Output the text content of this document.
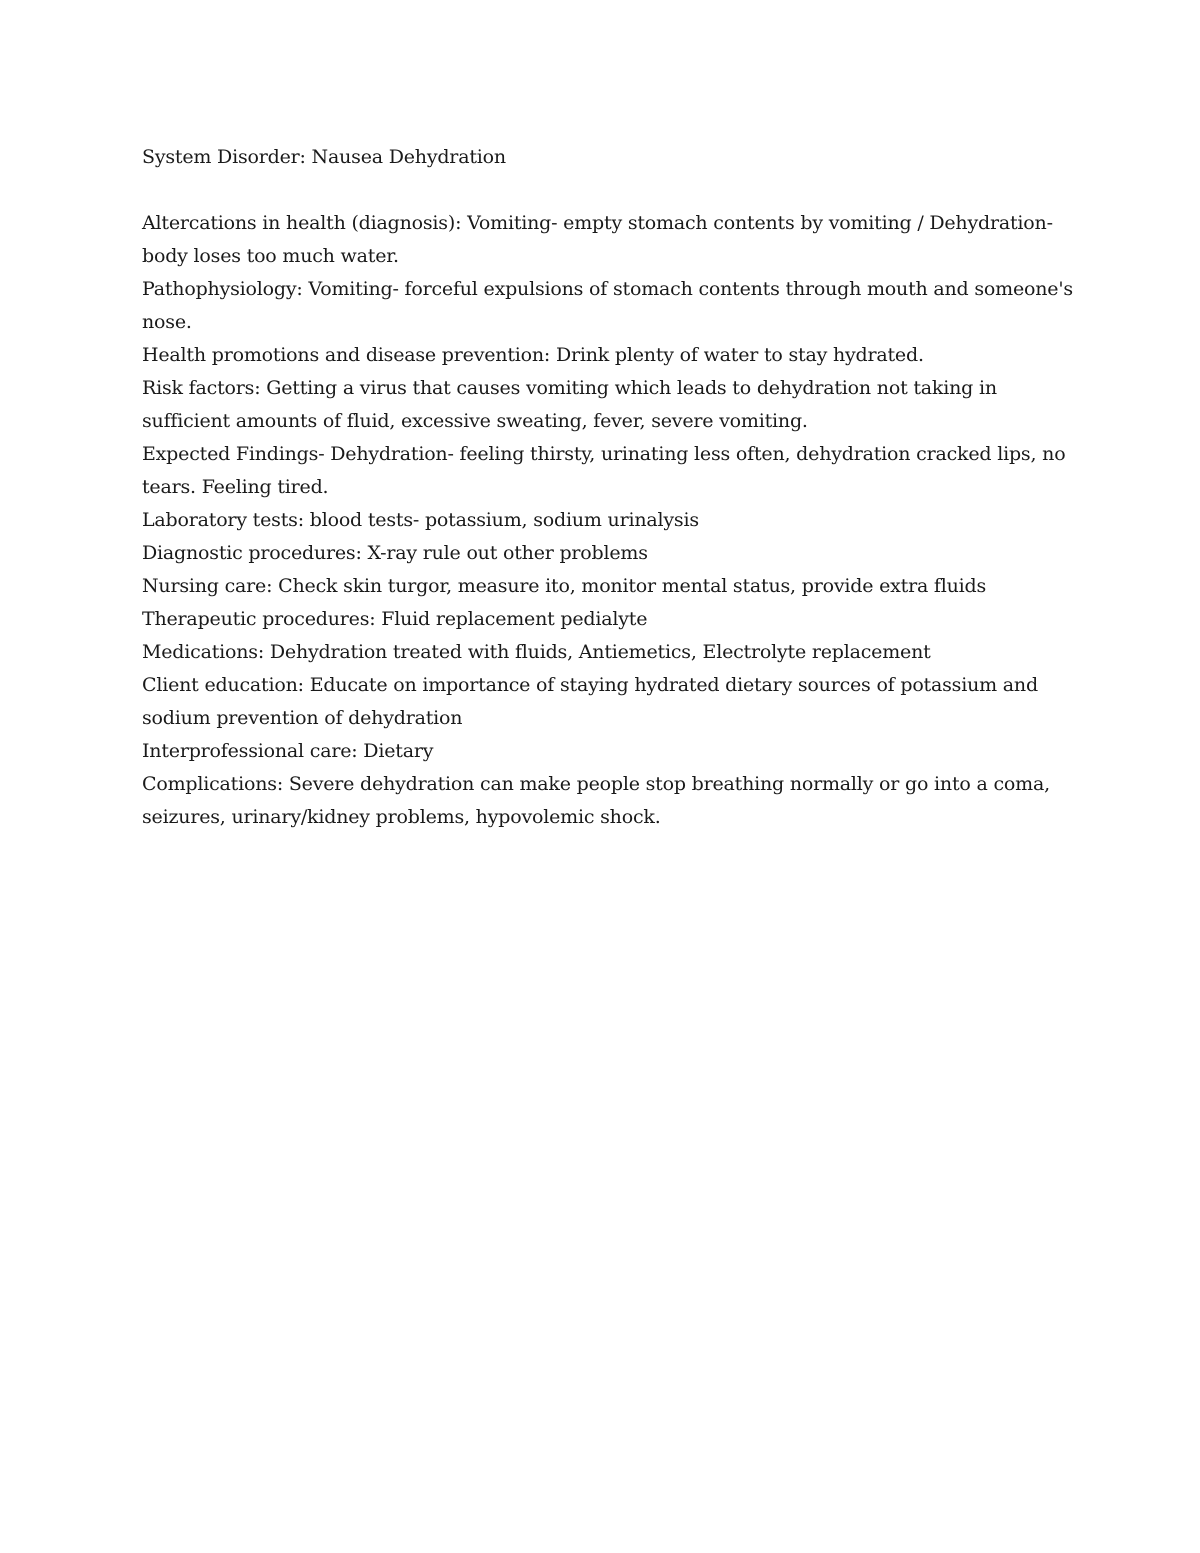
System Disorder: Nausea Dehydration

Altercations in health (diagnosis): Vomiting- empty stomach contents by vomiting / Dehydration- body loses too much water.

Pathophysiology: Vomiting- forceful expulsions of stomach contents through mouth and someone's nose.

Health promotions and disease prevention: Drink plenty of water to stay hydrated.

Risk factors: Getting a virus that causes vomiting which leads to dehydration not taking in sufficient amounts of fluid, excessive sweating, fever, severe vomiting.

Expected Findings- Dehydration- feeling thirsty, urinating less often, dehydration cracked lips, no tears. Feeling tired.

Laboratory tests: blood tests- potassium, sodium urinalysis

Diagnostic procedures: X-ray rule out other problems

Nursing care: Check skin turgor, measure ito, monitor mental status, provide extra fluids

Therapeutic procedures: Fluid replacement pedialyte

Medications: Dehydration treated with fluids, Antiemetics, Electrolyte replacement

Client education: Educate on importance of staying hydrated dietary sources of potassium and sodium prevention of dehydration

Interprofessional care: Dietary

Complications: Severe dehydration can make people stop breathing normally or go into a coma, seizures, urinary/kidney problems, hypovolemic shock.
